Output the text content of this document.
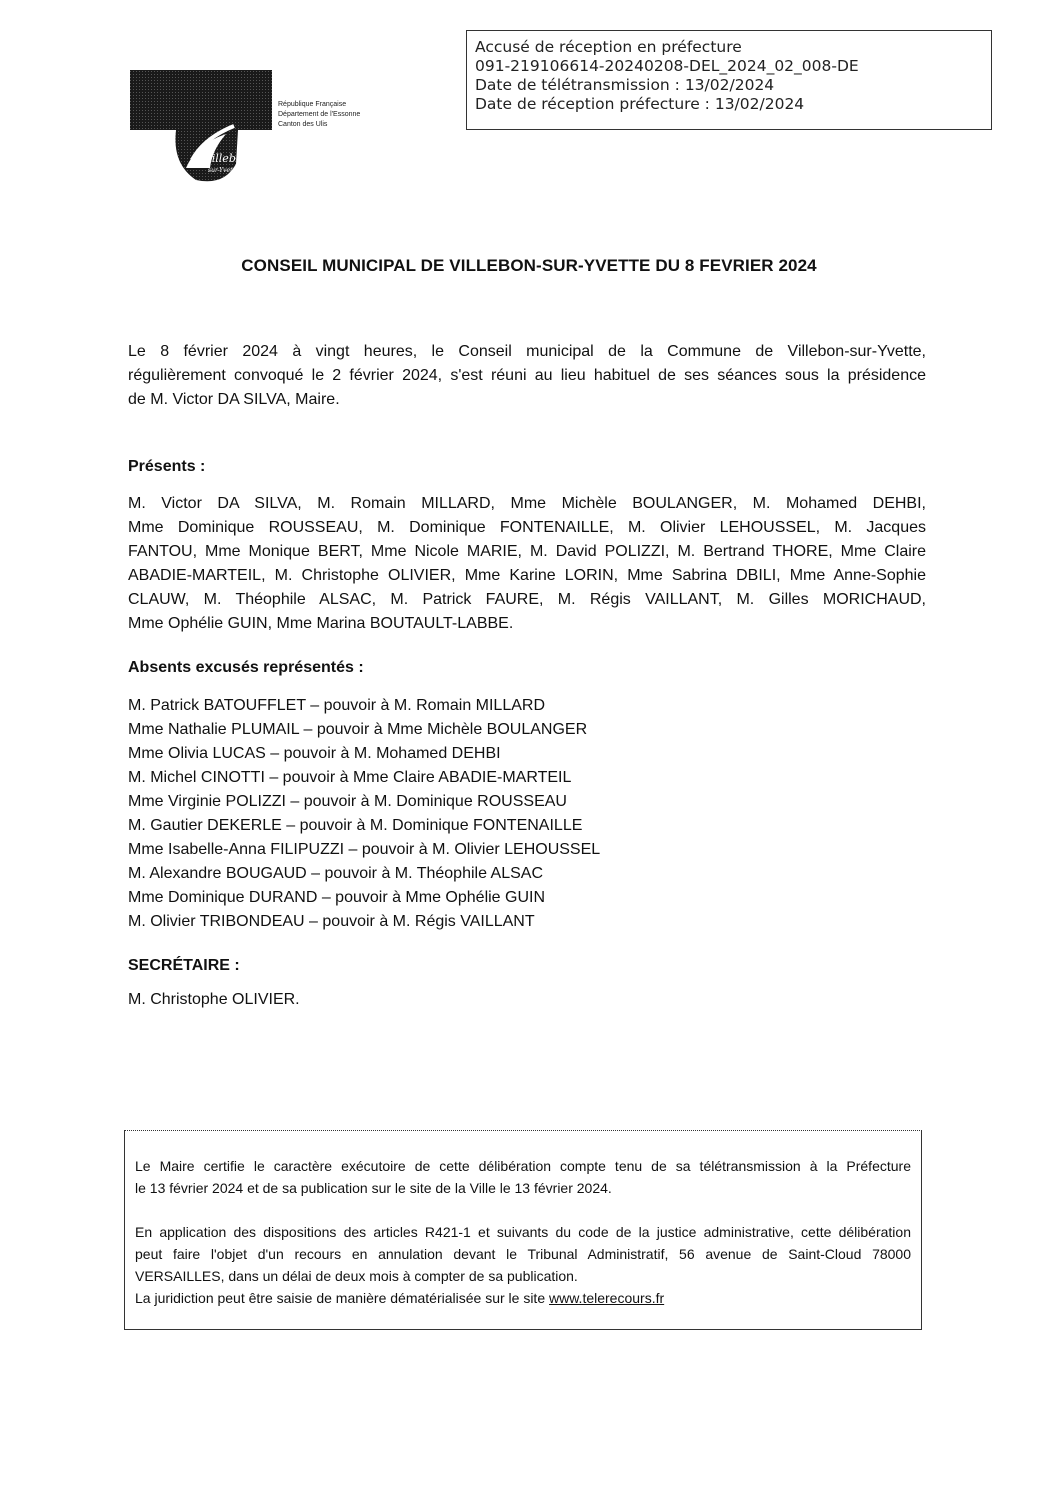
Accusé de réception en préfecture
091-219106614-20240208-DEL_2024_02_008-DE
Date de télétransmission : 13/02/2024
Date de réception préfecture : 13/02/2024
Villebon
sur-Yvette
République Française
Département de l'Essonne
Canton des Ulis
CONSEIL MUNICIPAL DE VILLEBON-SUR-YVETTE DU 8 FEVRIER 2024
Le 8 février 2024 à vingt heures, le Conseil municipal de la Commune de Villebon-sur-Yvette,
régulièrement convoqué le 2 février 2024, s'est réuni au lieu habituel de ses séances sous la présidence
de M. Victor DA SILVA, Maire.
Présents :
M. Victor DA SILVA, M. Romain MILLARD, Mme Michèle BOULANGER, M. Mohamed DEHBI,
Mme Dominique ROUSSEAU, M. Dominique FONTENAILLE, M. Olivier LEHOUSSEL, M. Jacques
FANTOU, Mme Monique BERT, Mme Nicole MARIE, M. David POLIZZI, M. Bertrand THORE, Mme Claire
ABADIE-MARTEIL, M. Christophe OLIVIER, Mme Karine LORIN, Mme Sabrina DBILI, Mme Anne-Sophie
CLAUW, M. Théophile ALSAC, M. Patrick FAURE, M. Régis VAILLANT, M. Gilles MORICHAUD,
Mme Ophélie GUIN, Mme Marina BOUTAULT-LABBE.
Absents excusés représentés :
M. Patrick BATOUFFLET – pouvoir à M. Romain MILLARD
Mme Nathalie PLUMAIL – pouvoir à Mme Michèle BOULANGER
Mme Olivia LUCAS – pouvoir à M. Mohamed DEHBI
M. Michel CINOTTI – pouvoir à Mme Claire ABADIE-MARTEIL
Mme Virginie POLIZZI – pouvoir à M. Dominique ROUSSEAU
M. Gautier DEKERLE – pouvoir à M. Dominique FONTENAILLE
Mme Isabelle-Anna FILIPUZZI – pouvoir à M. Olivier LEHOUSSEL
M. Alexandre BOUGAUD – pouvoir à M. Théophile ALSAC
Mme Dominique DURAND – pouvoir à Mme Ophélie GUIN
M. Olivier TRIBONDEAU – pouvoir à M. Régis VAILLANT
SECRÉTAIRE :
M. Christophe OLIVIER.
Le Maire certifie le caractère exécutoire de cette délibération compte tenu de sa télétransmission à la Préfecture
le 13 février 2024 et de sa publication sur le site de la Ville le 13 février 2024.
En application des dispositions des articles R421-1 et suivants du code de la justice administrative, cette délibération
peut faire l'objet d'un recours en annulation devant le Tribunal Administratif, 56 avenue de Saint-Cloud 78000
VERSAILLES, dans un délai de deux mois à compter de sa publication.
La juridiction peut être saisie de manière dématérialisée sur le site www.telerecours.fr
